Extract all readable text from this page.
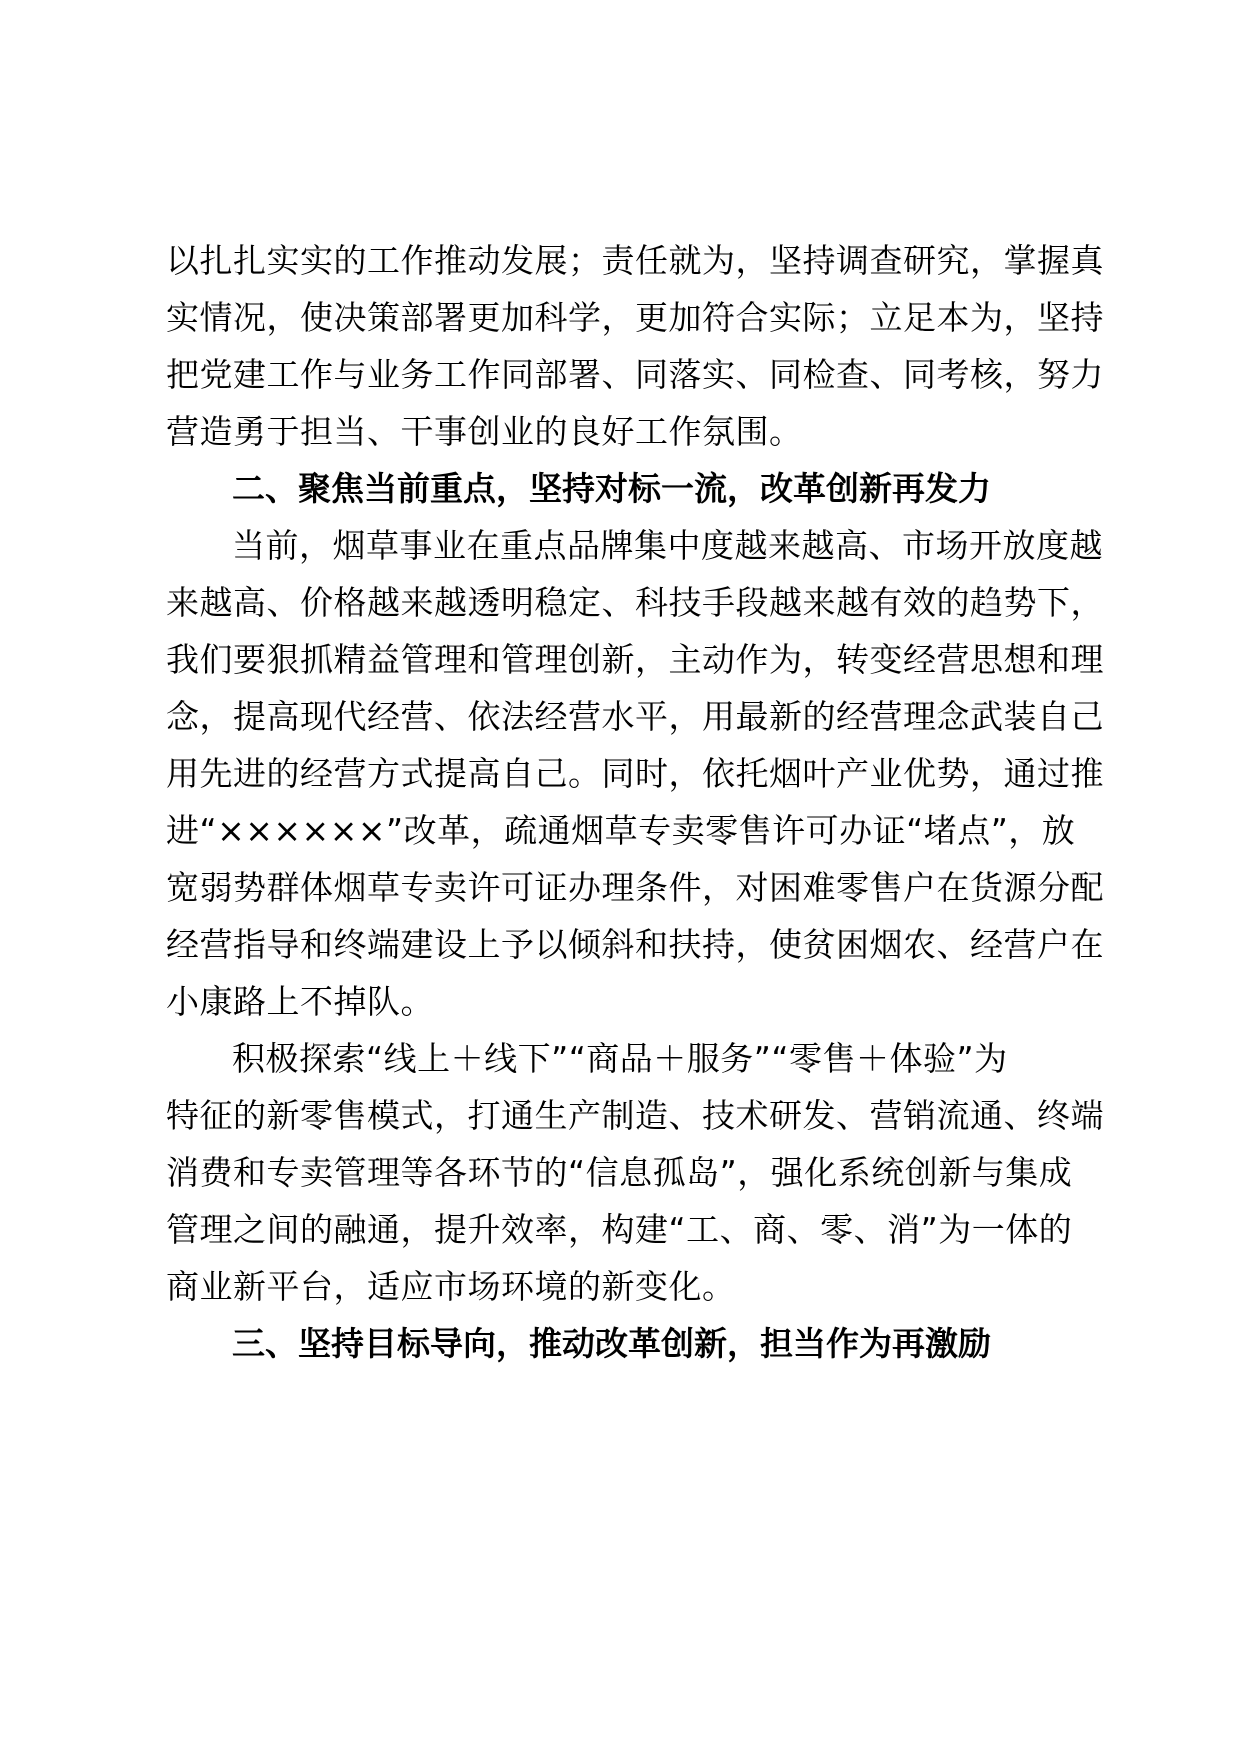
以扎扎实实的工作推动发展；责任就为，坚持调查研究，掌握真
实情况，使决策部署更加科学，更加符合实际；立足本为，坚持
把党建工作与业务工作同部署、同落实、同检查、同考核，努力
营造勇于担当、干事创业的良好工作氛围。
二、聚焦当前重点，坚持对标一流，改革创新再发力
当前，烟草事业在重点品牌集中度越来越高、市场开放度越
来越高、价格越来越透明稳定、科技手段越来越有效的趋势下，
我们要狠抓精益管理和管理创新，主动作为，转变经营思想和理
念，提高现代经营、依法经营水平，用最新的经营理念武装自己
用先进的经营方式提高自己。同时，依托烟叶产业优势，通过推
进“××××××”改革，疏通烟草专卖零售许可办证“堵点”，放
宽弱势群体烟草专卖许可证办理条件，对困难零售户在货源分配
经营指导和终端建设上予以倾斜和扶持，使贫困烟农、经营户在
小康路上不掉队。
积极探索“线上＋线下”“商品＋服务”“零售＋体验”为
特征的新零售模式，打通生产制造、技术研发、营销流通、终端
消费和专卖管理等各环节的“信息孤岛”，强化系统创新与集成
管理之间的融通，提升效率，构建“工、商、零、消”为一体的
商业新平台，适应市场环境的新变化。
三、坚持目标导向，推动改革创新，担当作为再激励
